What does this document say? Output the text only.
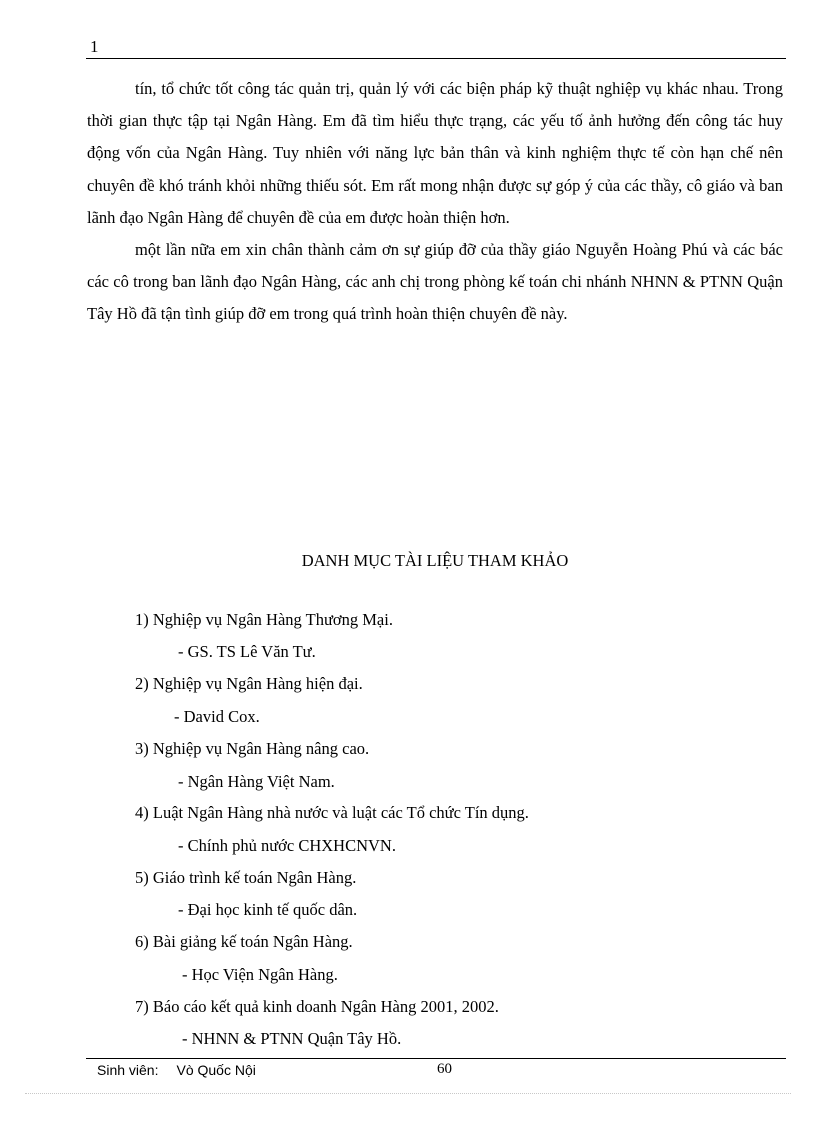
1

tín, tổ chức tốt công tác quản trị, quản lý với các biện pháp kỹ thuật nghiệp vụ khác nhau. Trong thời gian thực tập tại Ngân Hàng. Em đã tìm hiểu thực trạng, các yếu tố ảnh hưởng đến công tác huy động vốn của Ngân Hàng. Tuy nhiên với năng lực bản thân và kinh nghiệm thực tế còn hạn chế nên chuyên đề khó tránh khỏi những thiếu sót. Em rất mong nhận được sự góp ý của các thầy, cô giáo và ban lãnh đạo Ngân Hàng để chuyên đề của em được hoàn thiện hơn.

một lần nữa em xin chân thành cảm ơn sự giúp đỡ của thầy giáo Nguyễn Hoàng Phú và các bác các cô trong ban lãnh đạo Ngân Hàng, các anh chị trong phòng kế toán chi nhánh NHNN & PTNN Quận Tây Hồ đã tận tình giúp đỡ em trong quá trình hoàn thiện chuyên đề này.

DANH MỤC TÀI LIỆU THAM KHẢO
1) Nghiệp vụ Ngân Hàng Thương Mại.
- GS. TS Lê Văn Tư.
2) Nghiệp vụ Ngân Hàng hiện đại.
- David Cox.
3) Nghiệp vụ Ngân Hàng nâng cao.
- Ngân Hàng Việt Nam.
4) Luật Ngân Hàng nhà nước và luật các Tổ chức Tín dụng.
- Chính phủ nước CHXHCNVN.
5) Giáo trình kế toán Ngân Hàng.
- Đại học kinh tế quốc dân.
6) Bài giảng kế toán Ngân Hàng.
- Học Viện Ngân Hàng.
7) Báo cáo kết quả kinh doanh Ngân Hàng 2001, 2002.
- NHNN & PTNN Quận Tây Hồ.
Sinh viên: Vò Quốc Nội	60
